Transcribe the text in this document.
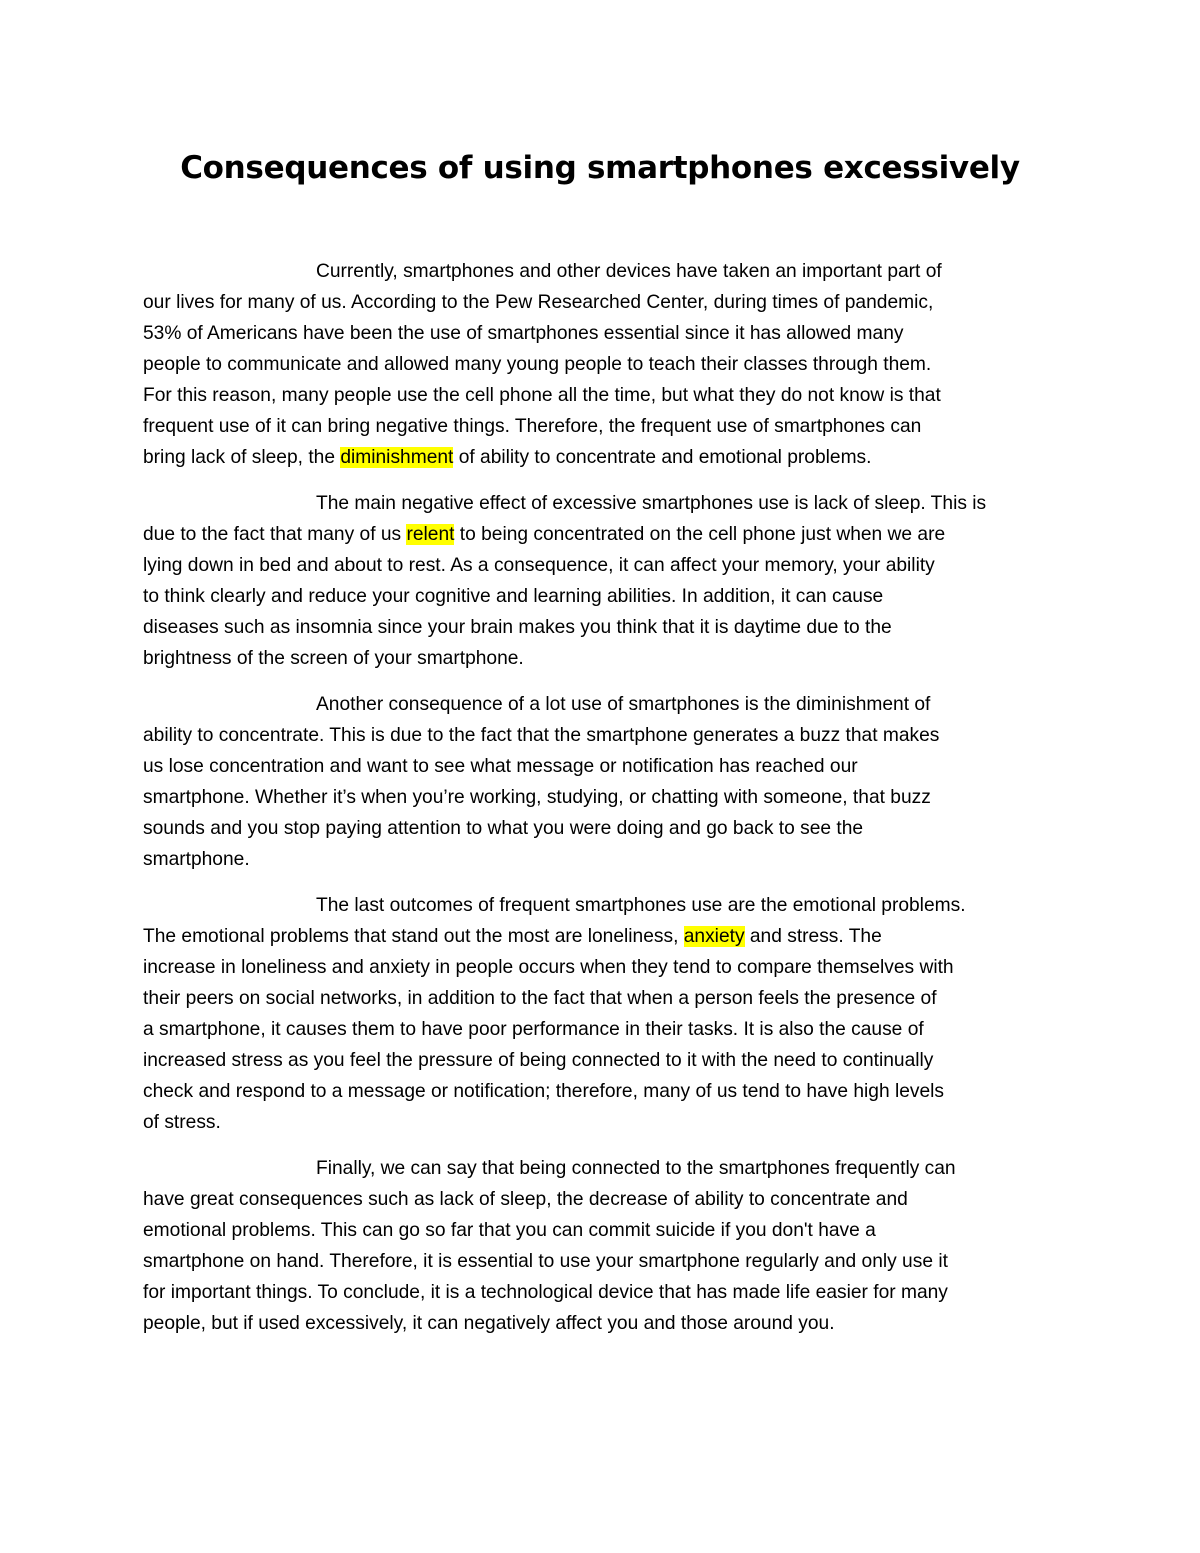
Consequences of using smartphones excessively
Currently, smartphones and other devices have taken an important part of
our lives for many of us. According to the Pew Researched Center, during times of pandemic,
53% of Americans have been the use of smartphones essential since it has allowed many
people to communicate and allowed many young people to teach their classes through them.
For this reason, many people use the cell phone all the time, but what they do not know is that
frequent use of it can bring negative things. Therefore, the frequent use of smartphones can
bring lack of sleep, the diminishment of ability to concentrate and emotional problems.
The main negative effect of excessive smartphones use is lack of sleep. This is
due to the fact that many of us relent to being concentrated on the cell phone just when we are
lying down in bed and about to rest. As a consequence, it can affect your memory, your ability
to think clearly and reduce your cognitive and learning abilities. In addition, it can cause
diseases such as insomnia since your brain makes you think that it is daytime due to the
brightness of the screen of your smartphone.
Another consequence of a lot use of smartphones is the diminishment of
ability to concentrate. This is due to the fact that the smartphone generates a buzz that makes
us lose concentration and want to see what message or notification has reached our
smartphone. Whether it’s when you’re working, studying, or chatting with someone, that buzz
sounds and you stop paying attention to what you were doing and go back to see the
smartphone.
The last outcomes of frequent smartphones use are the emotional problems.
The emotional problems that stand out the most are loneliness, anxiety and stress. The
increase in loneliness and anxiety in people occurs when they tend to compare themselves with
their peers on social networks, in addition to the fact that when a person feels the presence of
a smartphone, it causes them to have poor performance in their tasks. It is also the cause of
increased stress as you feel the pressure of being connected to it with the need to continually
check and respond to a message or notification; therefore, many of us tend to have high levels
of stress.
Finally, we can say that being connected to the smartphones frequently can
have great consequences such as lack of sleep, the decrease of ability to concentrate and
emotional problems. This can go so far that you can commit suicide if you don't have a
smartphone on hand. Therefore, it is essential to use your smartphone regularly and only use it
for important things. To conclude, it is a technological device that has made life easier for many
people, but if used excessively, it can negatively affect you and those around you.
